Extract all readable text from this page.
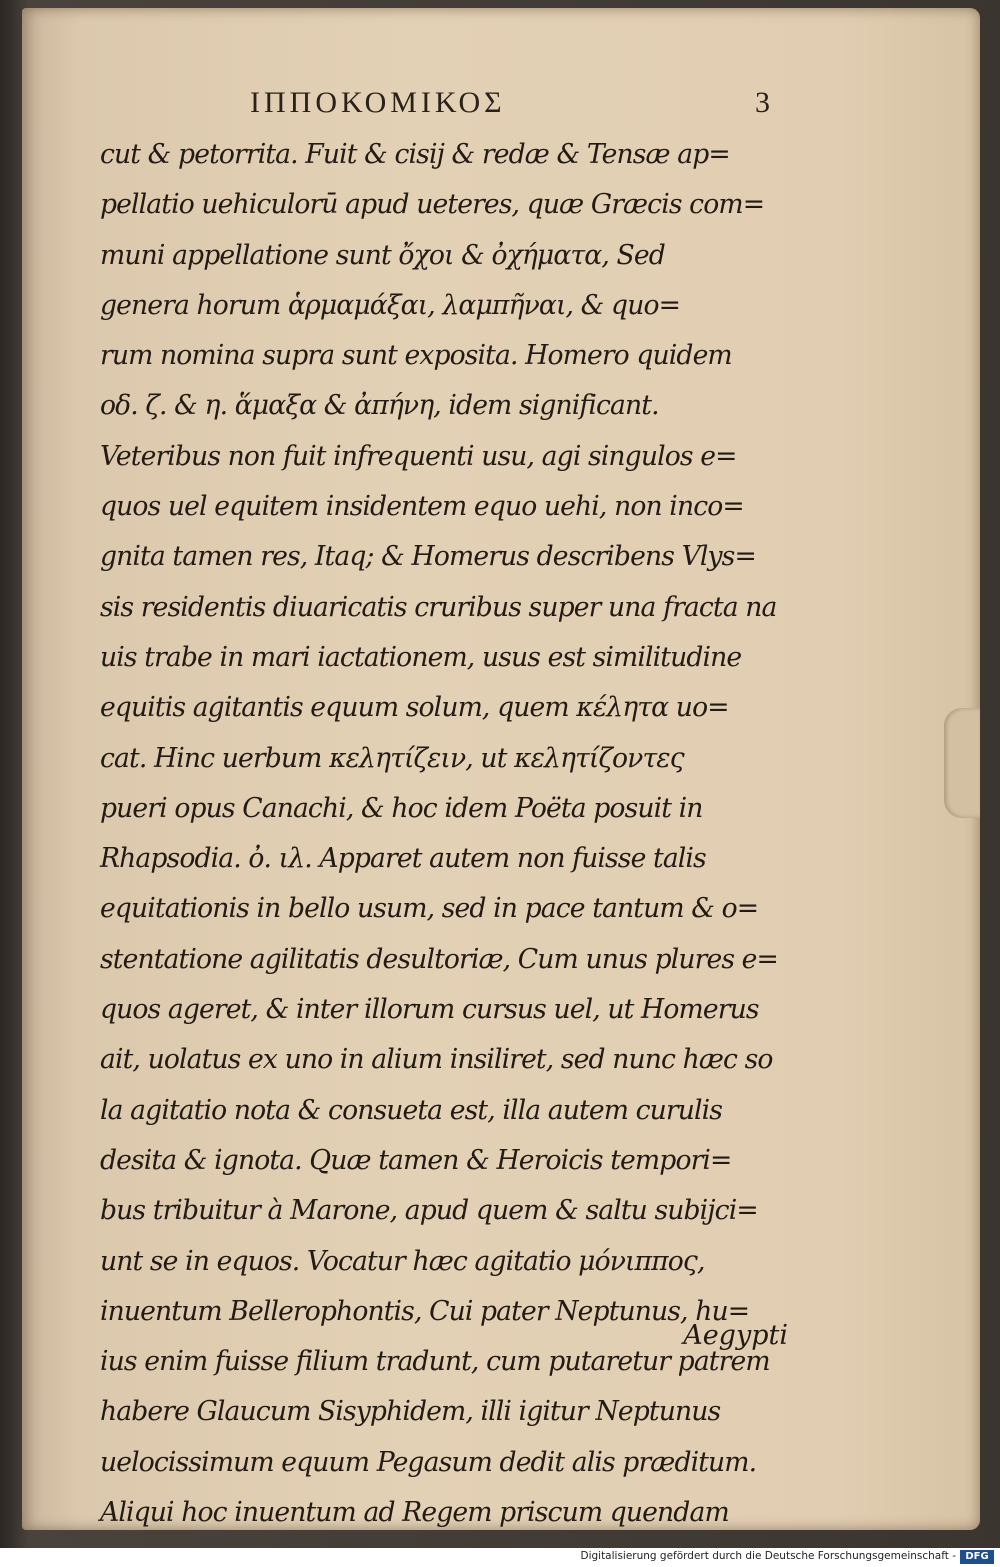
ΙΠΠΟΚΟΜΙΚΟΣ	3
cut & petorrita. Fuit & cisij & redæ & Tensæ ap=
pellatio uehiculorū apud ueteres, quæ Græcis com=
muni appellatione sunt ὄχοι & ὀχήματα, Sed
genera horum ἁρμαμάξαι, λαμπῆναι, & quo=
rum nomina supra sunt exposita. Homero quidem
οδ. ζ. & η. ἅμαξα & ἀπήνη, idem significant.
Veteribus non fuit infrequenti usu, agi singulos e=
quos uel equitem insidentem equo uehi, non inco=
gnita tamen res, Itaq; & Homerus describens Vlys=
sis residentis diuaricatis cruribus super una fracta na
uis trabe in mari iactationem, usus est similitudine
equitis agitantis equum solum, quem κέλητα uo=
cat. Hinc uerbum κελητίζειν, ut κελητίζοντες
pueri opus Canachi, & hoc idem Poëta posuit in
Rhapsodia. ὀ. ιλ. Apparet autem non fuisse talis
equitationis in bello usum, sed in pace tantum & o=
stentatione agilitatis desultoriæ, Cum unus plures e=
quos ageret, & inter illorum cursus uel, ut Homerus
ait, uolatus ex uno in alium insiliret, sed nunc hæc so
la agitatio nota & consueta est, illa autem curulis
desita & ignota. Quæ tamen & Heroicis tempori=
bus tribuitur à Marone, apud quem & saltu subijci=
unt se in equos. Vocatur hæc agitatio μόνιππος,
inuentum Bellerophontis, Cui pater Neptunus, hu=
ius enim fuisse filium tradunt, cum putaretur patrem
habere Glaucum Sisyphidem, illi igitur Neptunus
uelocissimum equum Pegasum dedit alis præditum.
Aliqui hoc inuentum ad Regem priscum quendam
Aegypti
Digitalisierung gefördert durch die Deutsche Forschungsgemeinschaft - DFG
